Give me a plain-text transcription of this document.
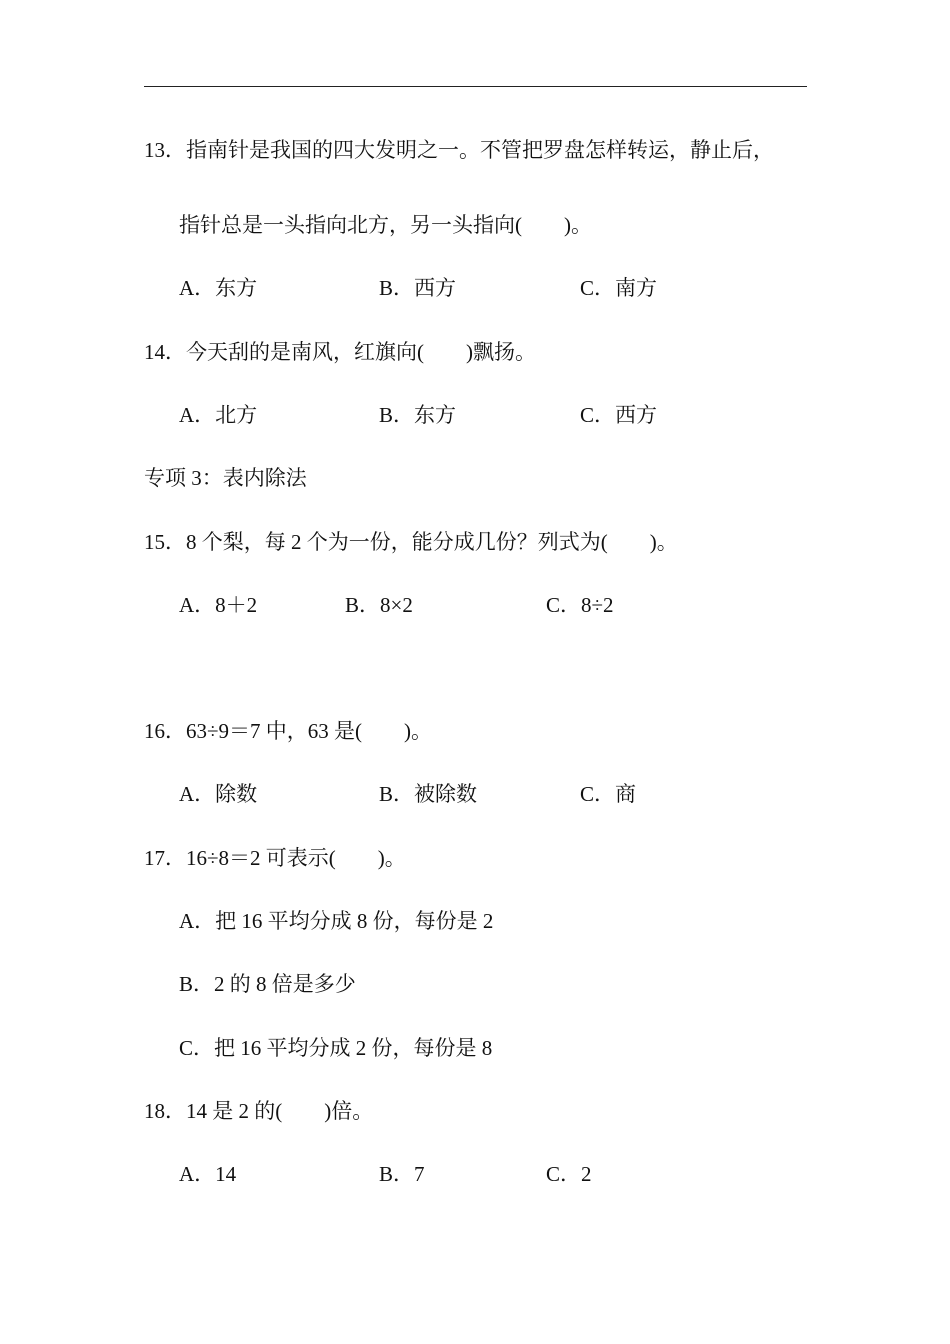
13．指南针是我国的四大发明之一。不管把罗盘怎样转运，静止后，
指针总是一头指向北方，另一头指向(　　)。
A．东方	B．西方	C．南方
14．今天刮的是南风，红旗向(　　)飘扬。
A．北方	B．东方	C．西方
专项 3：表内除法
15．8 个梨，每 2 个为一份，能分成几份？列式为(　　)。
A．8＋2	B．8×2	C．8÷2
16．63÷9＝7 中，63 是(　　)。
A．除数	B．被除数	C．商
17．16÷8＝2 可表示(　　)。
A．把 16 平均分成 8 份，每份是 2
B．2 的 8 倍是多少
C．把 16 平均分成 2 份，每份是 8
18．14 是 2 的(　　)倍。
A．14	B．7	C．2
